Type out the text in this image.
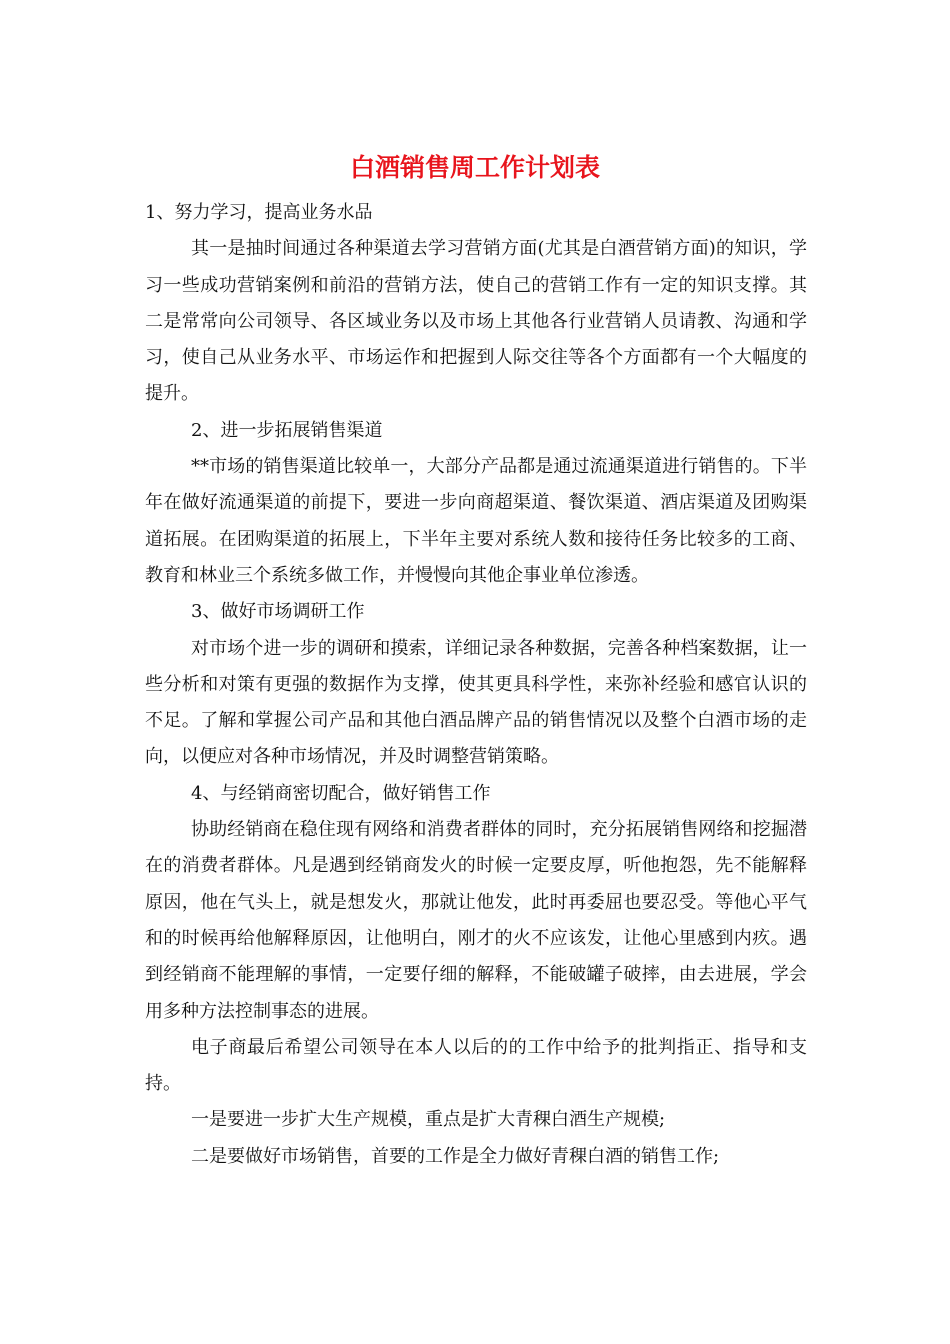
白酒销售周工作计划表

1、努力学习，提高业务水品

其一是抽时间通过各种渠道去学习营销方面(尤其是白酒营销方面)的知识，学习一些成功营销案例和前沿的营销方法，使自己的营销工作有一定的知识支撑。其二是常常向公司领导、各区域业务以及市场上其他各行业营销人员请教、沟通和学习，使自己从业务水平、市场运作和把握到人际交往等各个方面都有一个大幅度的提升。

2、进一步拓展销售渠道

**市场的销售渠道比较单一，大部分产品都是通过流通渠道进行销售的。下半年在做好流通渠道的前提下，要进一步向商超渠道、餐饮渠道、酒店渠道及团购渠道拓展。在团购渠道的拓展上，下半年主要对系统人数和接待任务比较多的工商、教育和林业三个系统多做工作，并慢慢向其他企事业单位渗透。

3、做好市场调研工作

对市场个进一步的调研和摸索，详细记录各种数据，完善各种档案数据，让一些分析和对策有更强的数据作为支撑，使其更具科学性，来弥补经验和感官认识的不足。了解和掌握公司产品和其他白酒品牌产品的销售情况以及整个白酒市场的走向，以便应对各种市场情况，并及时调整营销策略。

4、与经销商密切配合，做好销售工作

协助经销商在稳住现有网络和消费者群体的同时，充分拓展销售网络和挖掘潜在的消费者群体。凡是遇到经销商发火的时候一定要皮厚，听他抱怨，先不能解释原因，他在气头上，就是想发火，那就让他发，此时再委屈也要忍受。等他心平气和的时候再给他解释原因，让他明白，刚才的火不应该发，让他心里感到内疚。遇到经销商不能理解的事情，一定要仔细的解释，不能破罐子破摔，由去进展，学会用多种方法控制事态的进展。

电子商最后希望公司领导在本人以后的的工作中给予的批判指正、指导和支持。

一是要进一步扩大生产规模，重点是扩大青稞白酒生产规模;

二是要做好市场销售，首要的工作是全力做好青稞白酒的销售工作;
